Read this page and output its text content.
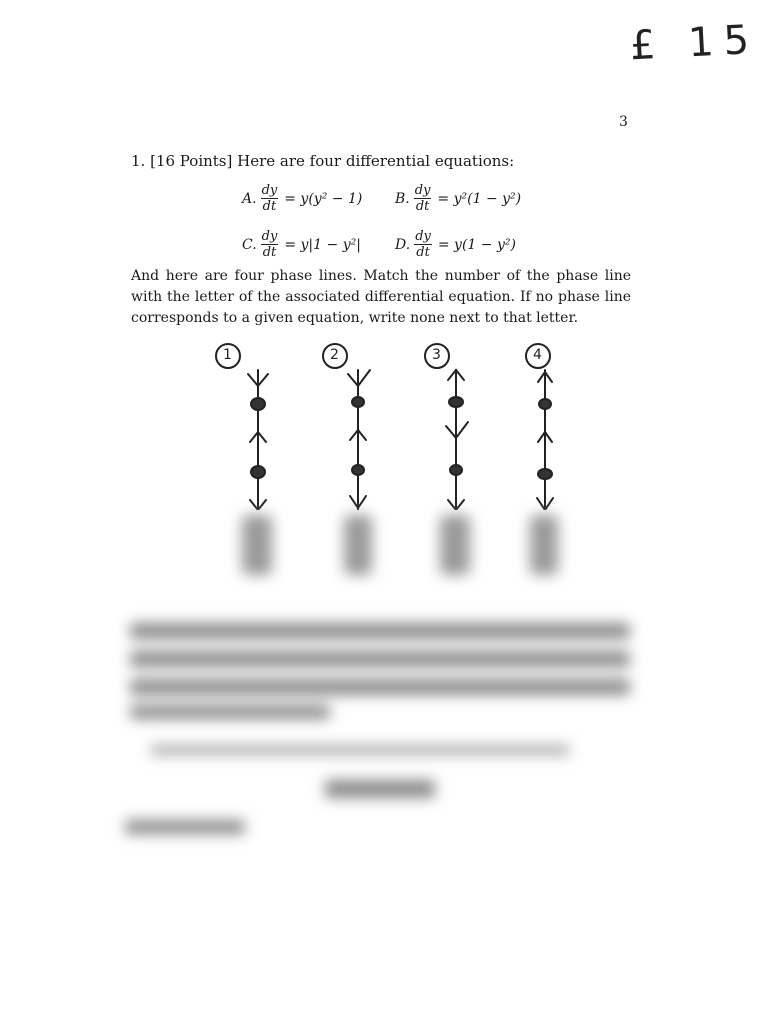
£ 15
3
1. [16 Points] Here are four differential equations:
A. $\frac{dy}{dt} = y(y^2 - 1)$ B. $\frac{dy}{dt} = y^2(1 - y^2)$
C. $\frac{dy}{dt} = y|1 - y^2|$ D. $\frac{dy}{dt} = y(1 - y^2)$
And here are four phase lines. Match the number of the phase line with the letter of the associated differential equation. If no phase line corresponds to a given equation, write none next to that letter.
1	2	3	4
